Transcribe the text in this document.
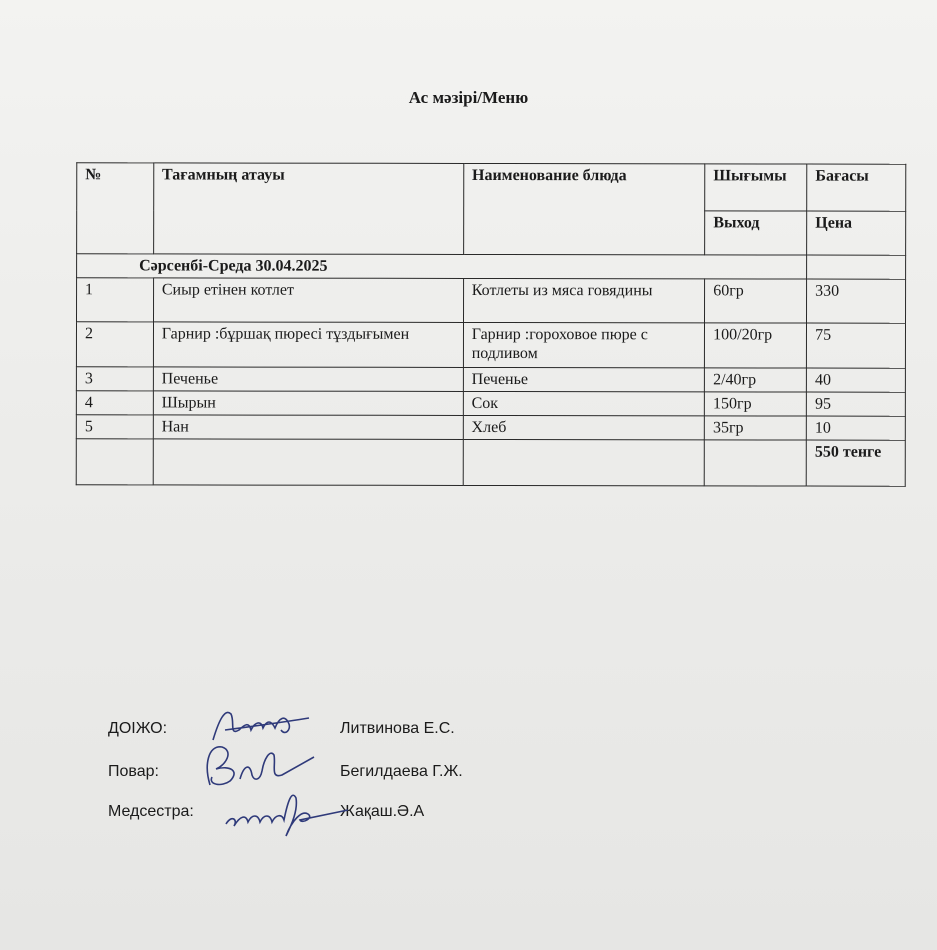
Ас мәзірі/Меню
№	Тағамның атауы	Наименование блюда	Шығымы	Бағасы
			Выход	Цена
Сәрсенбі-Среда 30.04.2025				
1	Сиыр етінен котлет	Котлеты из мяса говядины	60гр	330
2	Гарнир :бұршақ пюресі тұздығымен	Гарнир :гороховое пюре с подливом	100/20гр	75
3	Печенье	Печенье	2/40гр	40
4	Шырын	Сок	150гр	95
5	Нан	Хлеб	35гр	10
				550 тенге
ДОІЖО:	Литвинова Е.С.
Повар:	Бегилдаева Г.Ж.
Медсестра:	Жақаш.Ә.А
